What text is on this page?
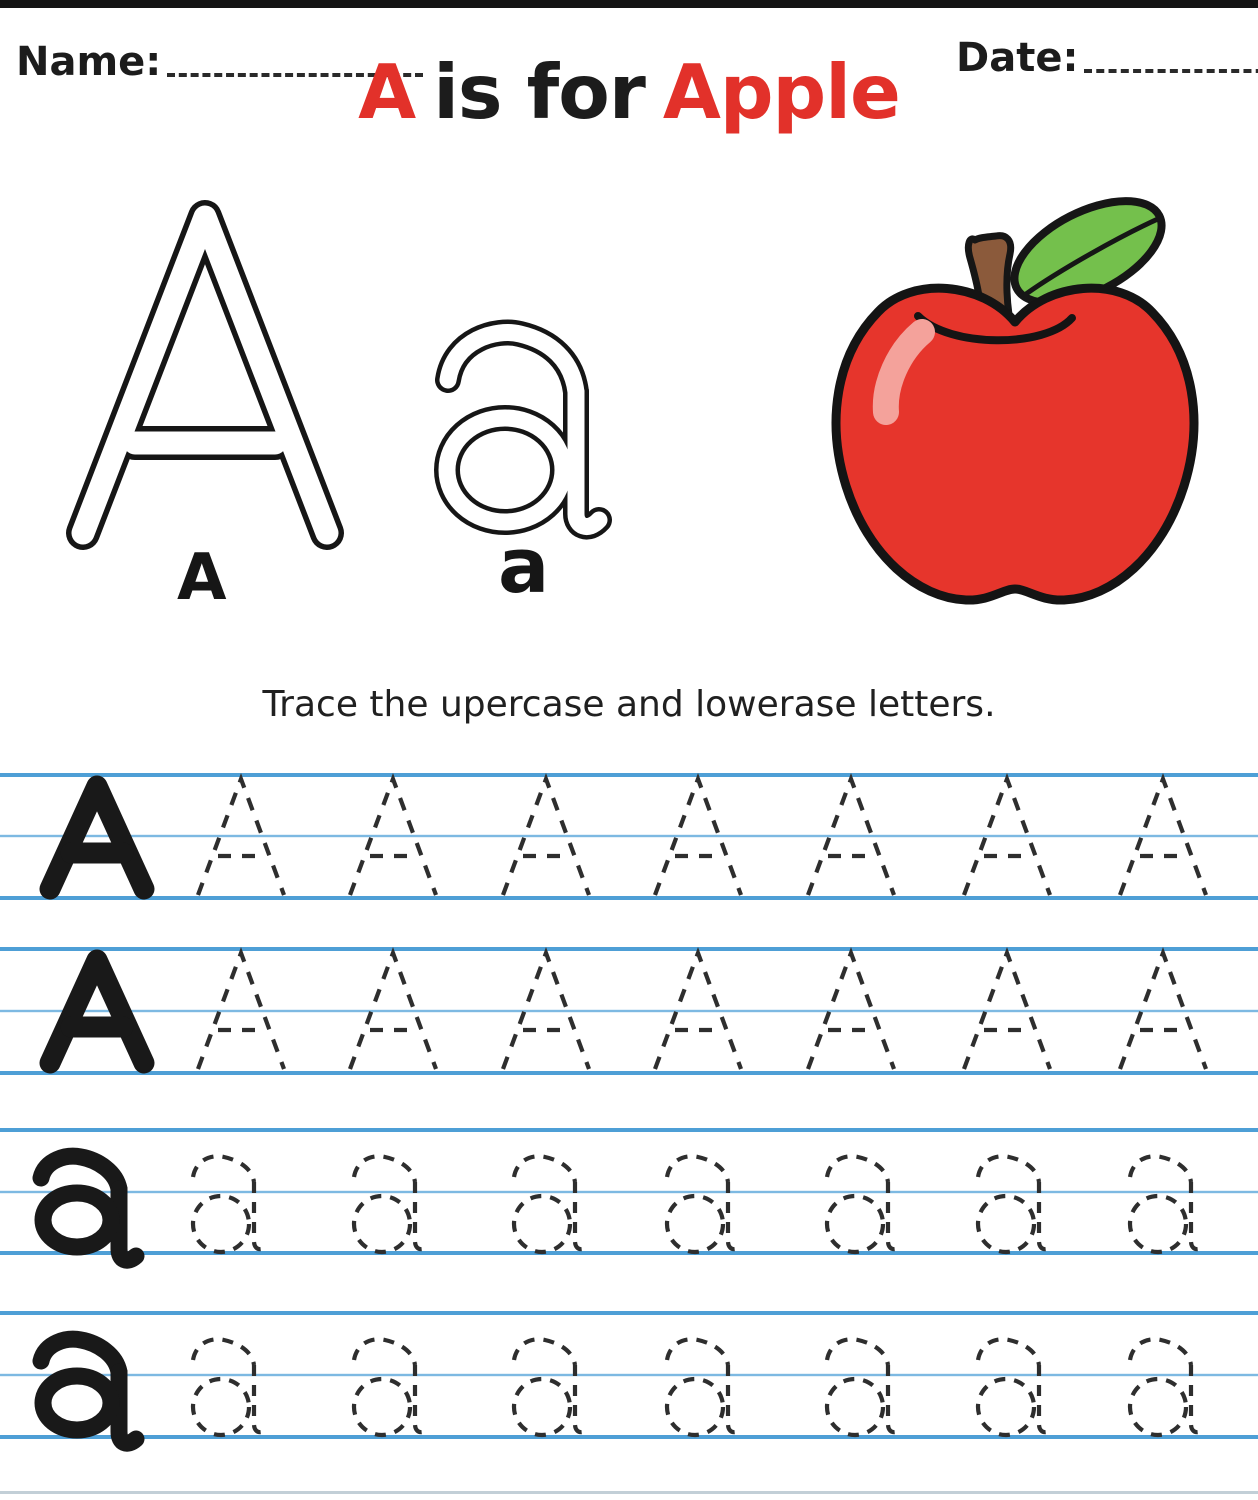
Name:	Date:
A is for Apple
A	a
Trace the upercase and lowerase letters.
